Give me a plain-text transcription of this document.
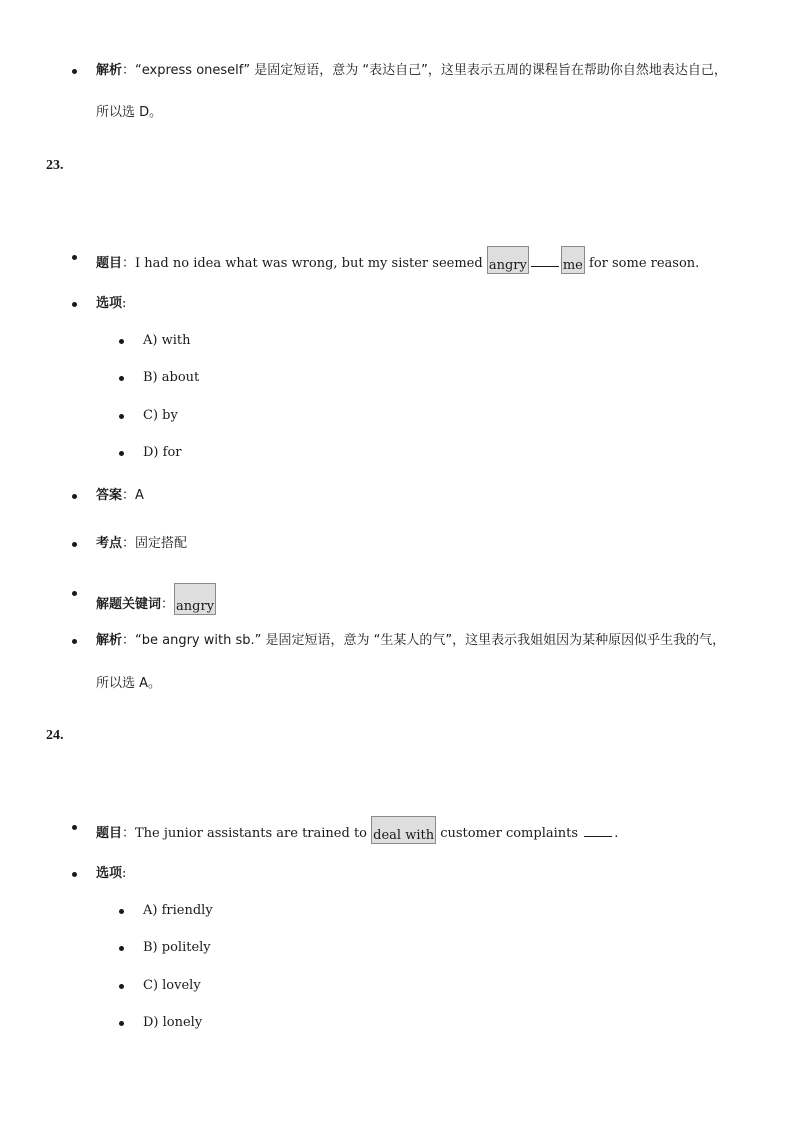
解析：“express oneself” 是固定短语，意为 “表达自己”，这里表示五周的课程旨在帮助你自然地表达自己，
所以选 D。
23.
题目：I had no idea what was wrong, but my sister seemed angry	me for some reason.
选项:
A) with
B) about
C) by
D) for
答案：A
考点：固定搭配
解题关键词： angry
解析：“be angry with sb.” 是固定短语，意为 “生某人的气”，这里表示我姐姐因为某种原因似乎生我的气，
所以选 A。
24.
题目：The junior assistants are trained to deal with customer complaints .
选项:
A) friendly
B) politely
C) lovely
D) lonely
